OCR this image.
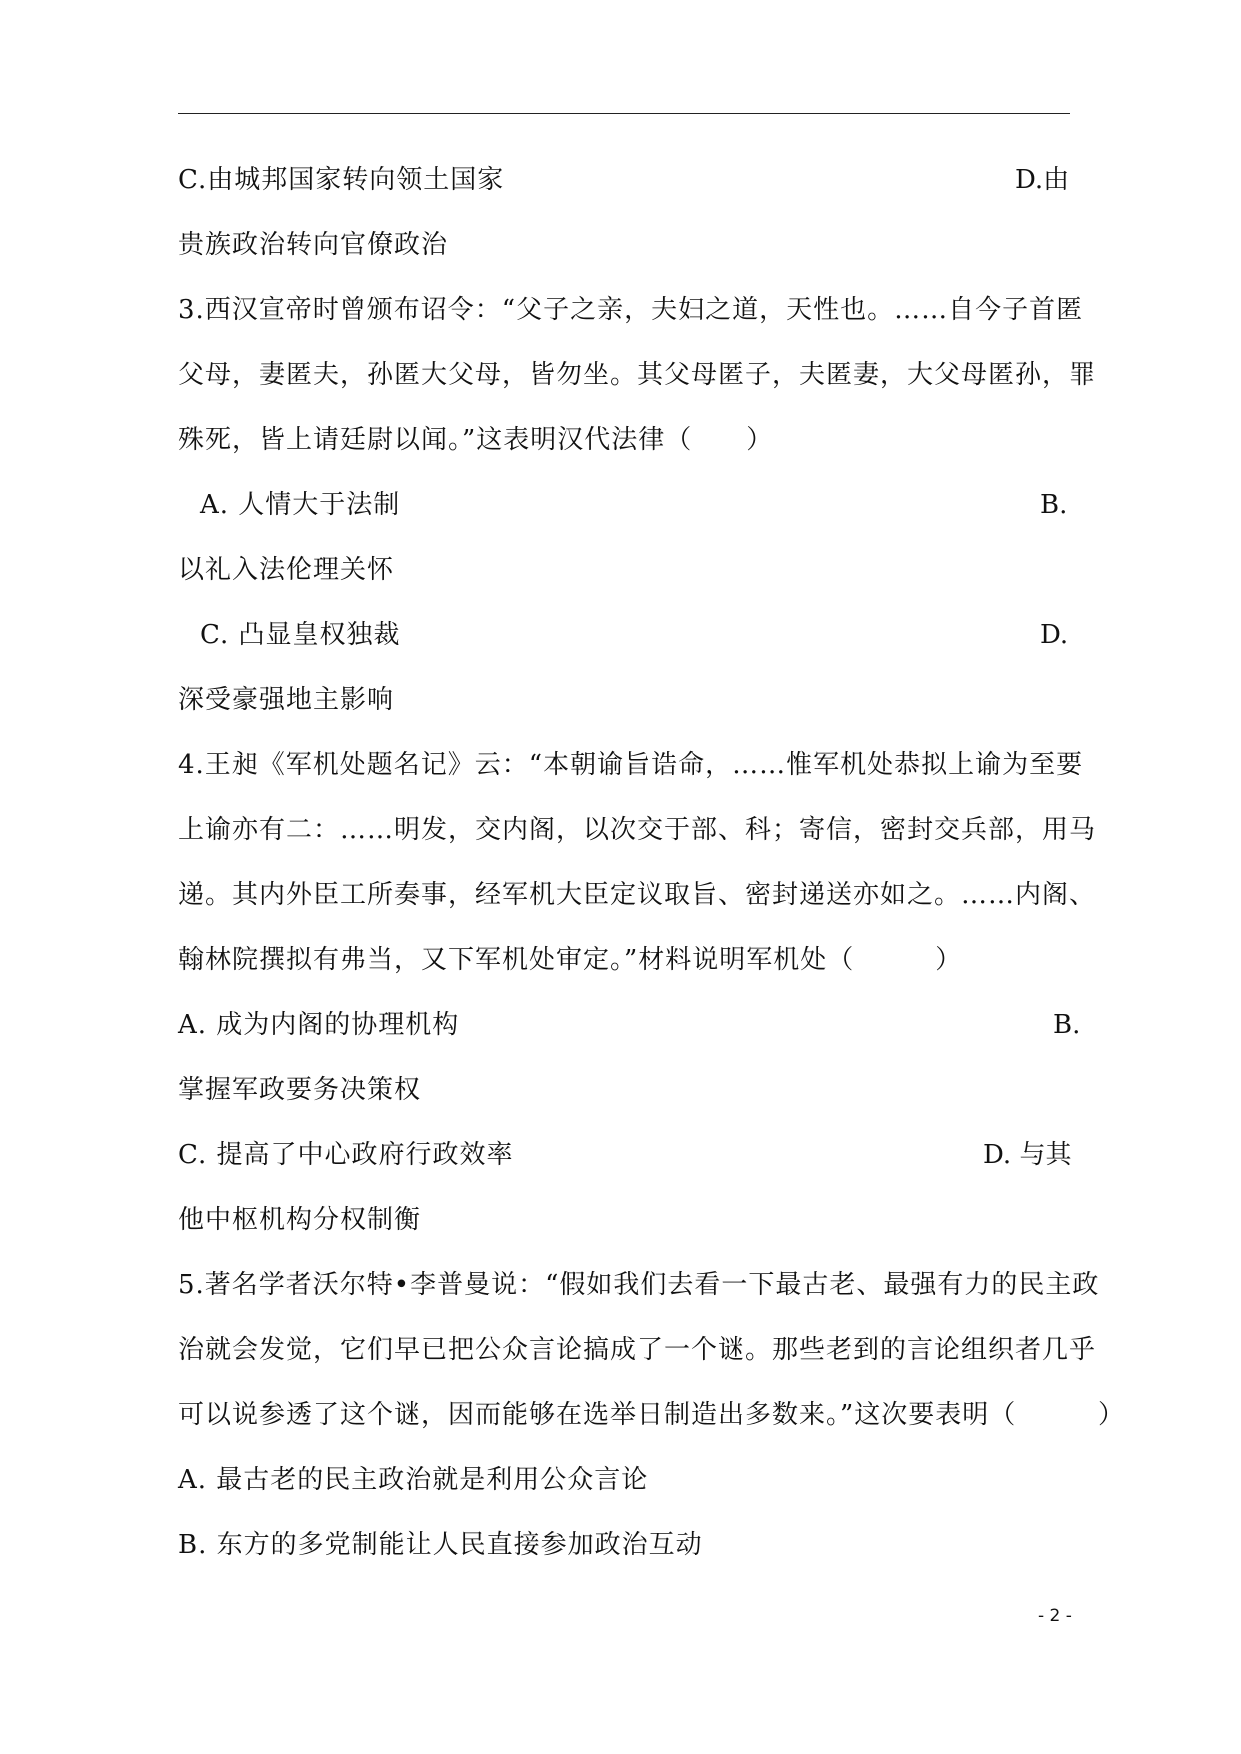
C.由城邦国家转向领土国家	D.由
贵族政治转向官僚政治
3.西汉宣帝时曾颁布诏令：“父子之亲，夫妇之道，天性也。……自今子首匿
父母，妻匿夫，孙匿大父母，皆勿坐。其父母匿子，夫匿妻，大父母匿孙，罪
殊死，皆上请廷尉以闻。”这表明汉代法律（　　）
A. 人情大于法制	B.
以礼入法伦理关怀
C. 凸显皇权独裁	D.
深受豪强地主影响
4.王昶《军机处题名记》云：“本朝谕旨诰命，……惟军机处恭拟上谕为至要
上谕亦有二：……明发，交内阁，以次交于部、科；寄信，密封交兵部，用马
递。其内外臣工所奏事，经军机大臣定议取旨、密封递送亦如之。……内阁、
翰林院撰拟有弗当，又下军机处审定。”材料说明军机处（　　　）
A. 成为内阁的协理机构	B.
掌握军政要务决策权
C. 提高了中心政府行政效率	D. 与其
他中枢机构分权制衡
5.著名学者沃尔特•李普曼说：“假如我们去看一下最古老、最强有力的民主政
治就会发觉，它们早已把公众言论搞成了一个谜。那些老到的言论组织者几乎
可以说参透了这个谜，因而能够在选举日制造出多数来。”这次要表明（	）
A. 最古老的民主政治就是利用公众言论
B. 东方的多党制能让人民直接参加政治互动
- 2 -
